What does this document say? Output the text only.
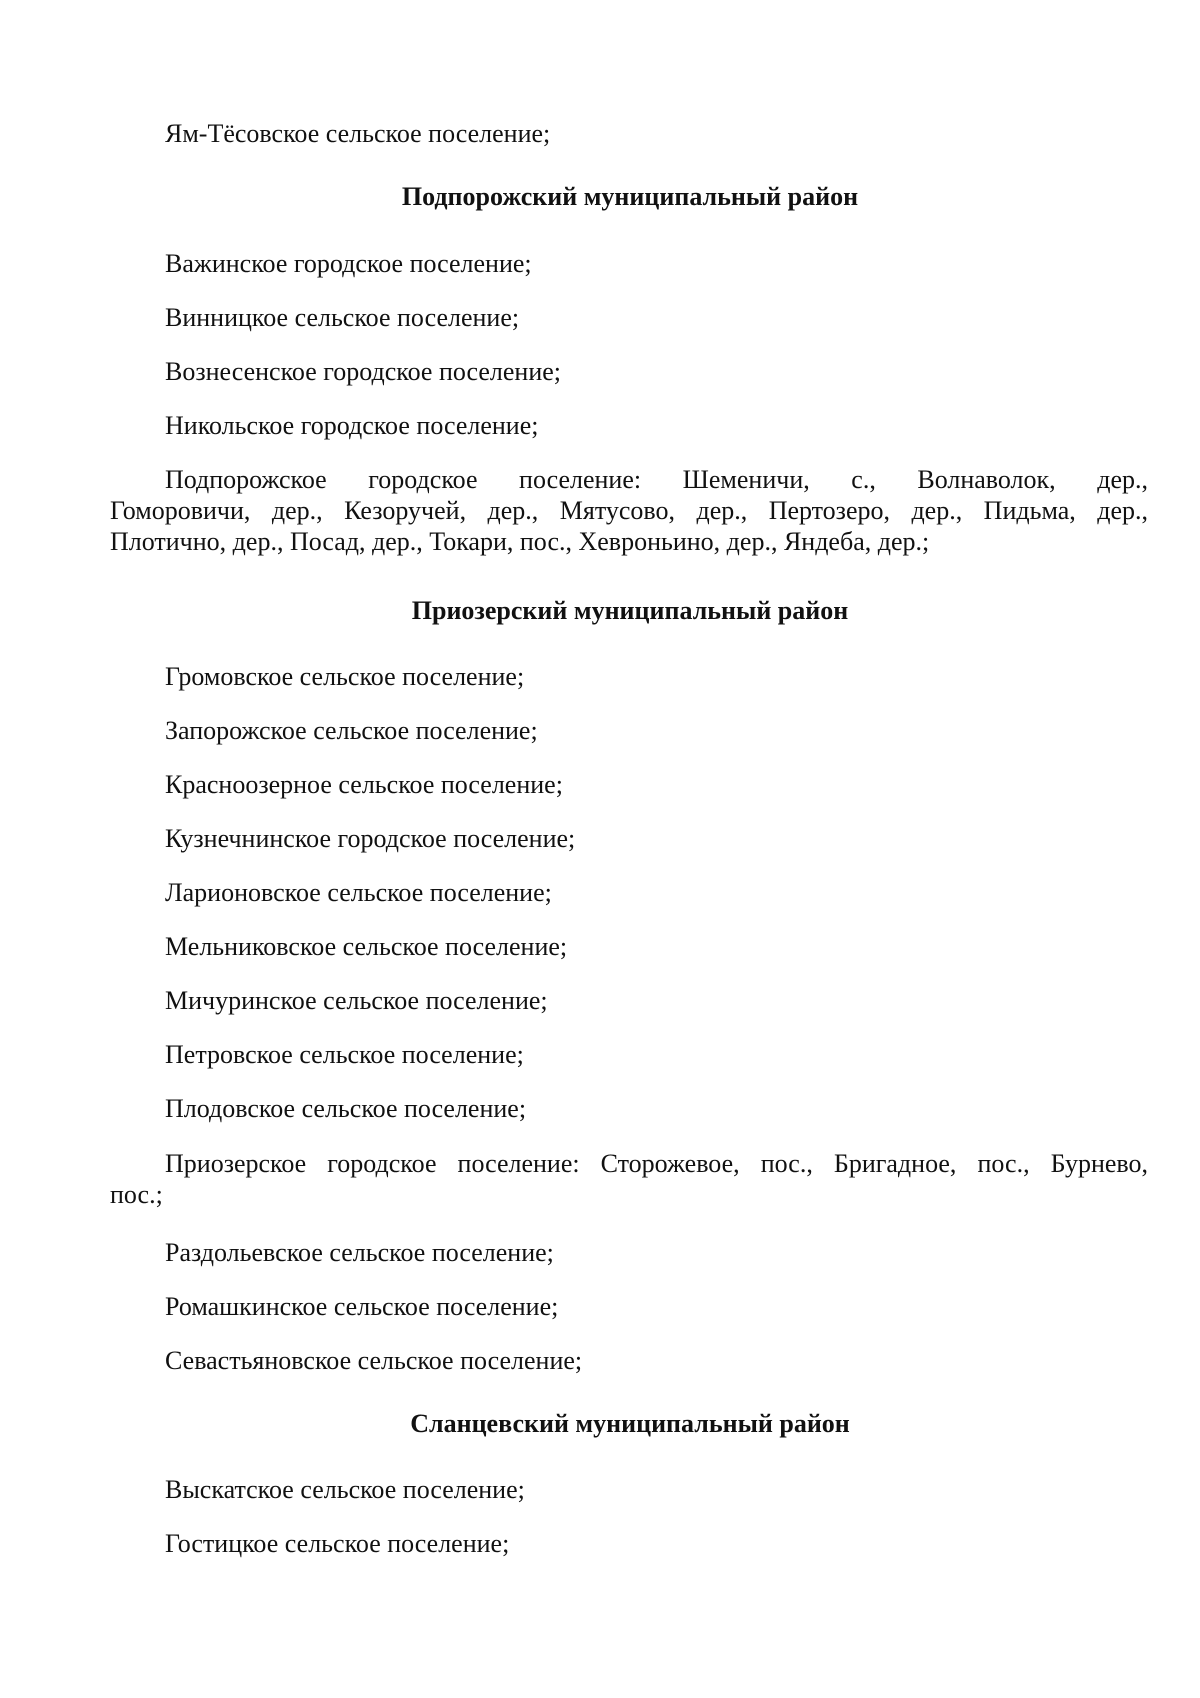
Ям-Тёсовское сельское поселение;
Подпорожский муниципальный район
Важинское городское поселение;
Винницкое сельское поселение;
Вознесенское городское поселение;
Никольское городское поселение;
Подпорожское городское поселение: Шеменичи, с., Волнаволок, дер.,
Гоморовичи, дер., Кезоручей, дер., Мятусово, дер., Пертозеро, дер., Пидьма, дер.,
Плотично, дер., Посад, дер., Токари, пос., Хевроньино, дер., Яндеба, дер.;
Приозерский муниципальный район
Громовское сельское поселение;
Запорожское сельское поселение;
Красноозерное сельское поселение;
Кузнечнинское городское поселение;
Ларионовское сельское поселение;
Мельниковское сельское поселение;
Мичуринское сельское поселение;
Петровское сельское поселение;
Плодовское сельское поселение;
Приозерское городское поселение: Сторожевое, пос., Бригадное, пос., Бурнево,
пос.;
Раздольевское сельское поселение;
Ромашкинское сельское поселение;
Севастьяновское сельское поселение;
Сланцевский муниципальный район
Выскатское сельское поселение;
Гостицкое сельское поселение;
